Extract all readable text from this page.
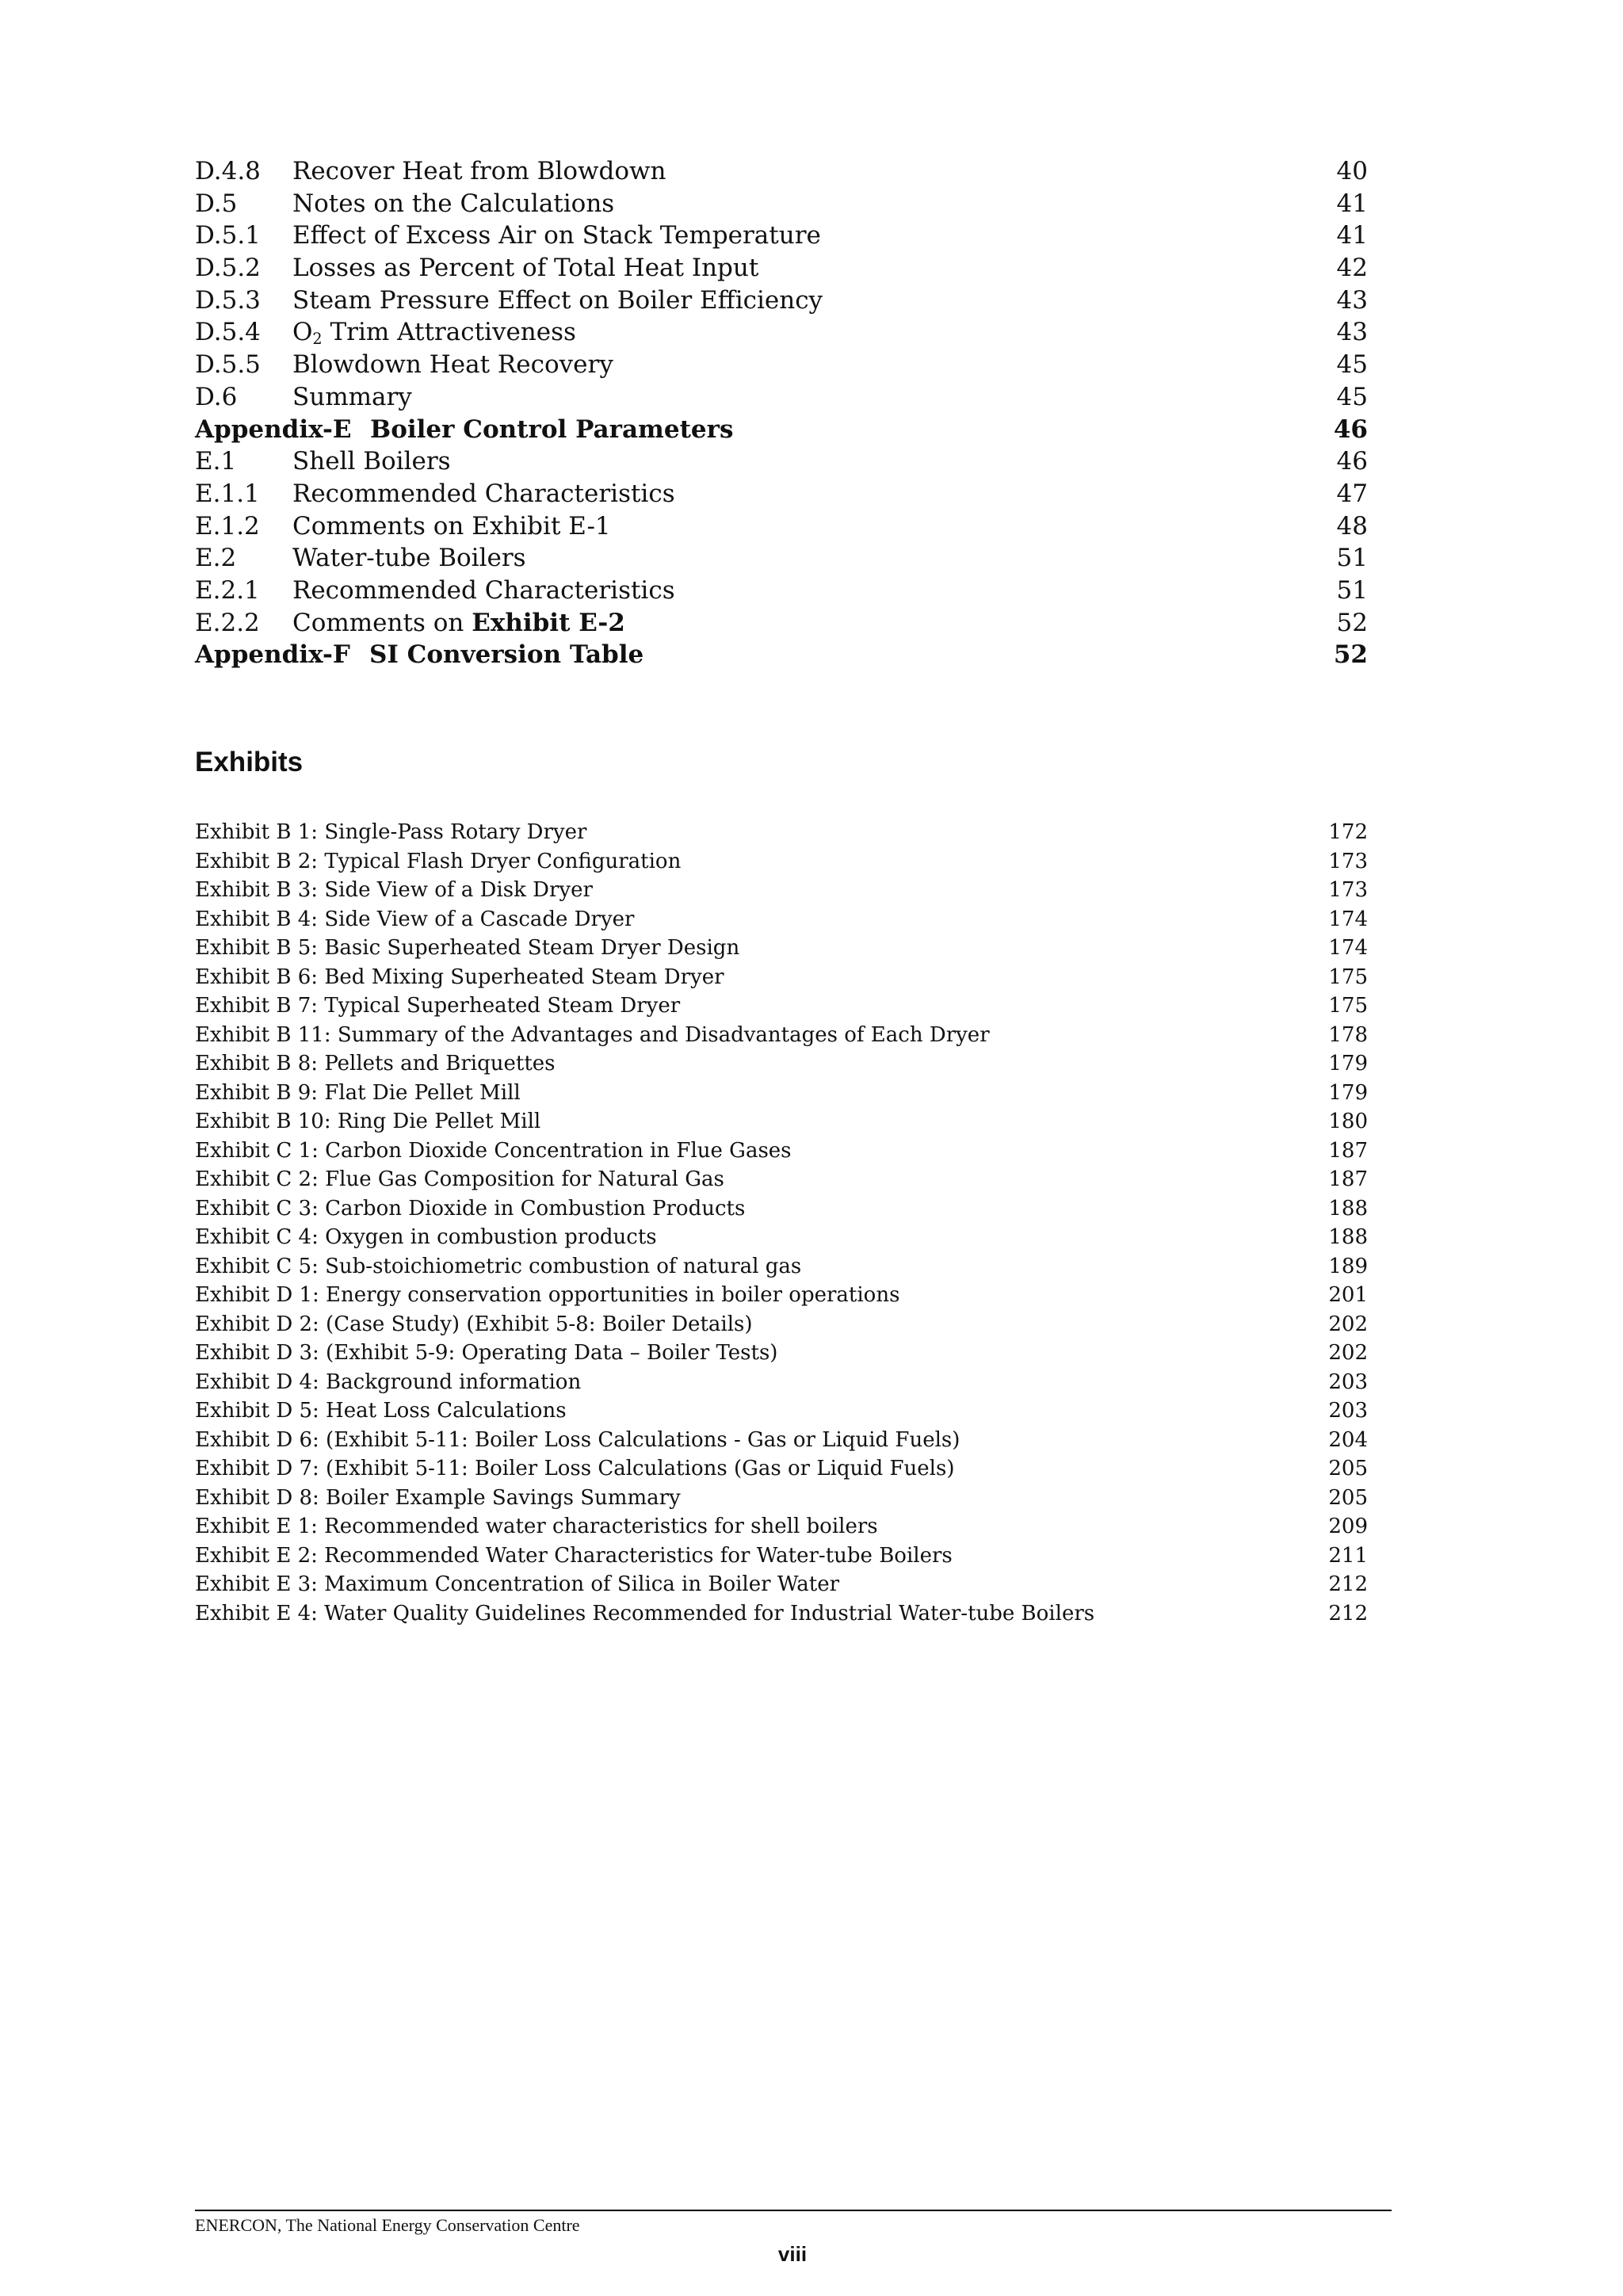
D.4.8 Recover Heat from Blowdown	40
D.5 Notes on the Calculations	41
D.5.1 Effect of Excess Air on Stack Temperature	41
D.5.2 Losses as Percent of Total Heat Input	42
D.5.3 Steam Pressure Effect on Boiler Efficiency	43
D.5.4 $O_2$ Trim Attractiveness	43
D.5.5 Blowdown Heat Recovery	45
D.6 Summary	45
Appendix-E Boiler Control Parameters	46
E.1 Shell Boilers	46
E.1.1 Recommended Characteristics	47
E.1.2 Comments on Exhibit E-1	48
E.2 Water-tube Boilers	51
E.2.1 Recommended Characteristics	51
E.2.2 Comments on Exhibit E-2	52
Appendix-F SI Conversion Table	52
Exhibits
Exhibit B 1: Single-Pass Rotary Dryer	172
Exhibit B 2: Typical Flash Dryer Configuration	173
Exhibit B 3: Side View of a Disk Dryer	173
Exhibit B 4: Side View of a Cascade Dryer	174
Exhibit B 5: Basic Superheated Steam Dryer Design	174
Exhibit B 6: Bed Mixing Superheated Steam Dryer	175
Exhibit B 7: Typical Superheated Steam Dryer	175
Exhibit B 11: Summary of the Advantages and Disadvantages of Each Dryer	178
Exhibit B 8: Pellets and Briquettes	179
Exhibit B 9: Flat Die Pellet Mill	179
Exhibit B 10: Ring Die Pellet Mill	180
Exhibit C 1: Carbon Dioxide Concentration in Flue Gases	187
Exhibit C 2: Flue Gas Composition for Natural Gas	187
Exhibit C 3: Carbon Dioxide in Combustion Products	188
Exhibit C 4: Oxygen in combustion products	188
Exhibit C 5: Sub-stoichiometric combustion of natural gas	189
Exhibit D 1: Energy conservation opportunities in boiler operations	201
Exhibit D 2: (Case Study) (Exhibit 5-8: Boiler Details)	202
Exhibit D 3: (Exhibit 5-9: Operating Data – Boiler Tests)	202
Exhibit D 4: Background information	203
Exhibit D 5: Heat Loss Calculations	203
Exhibit D 6: (Exhibit 5-11: Boiler Loss Calculations - Gas or Liquid Fuels)	204
Exhibit D 7: (Exhibit 5-11: Boiler Loss Calculations (Gas or Liquid Fuels)	205
Exhibit D 8: Boiler Example Savings Summary	205
Exhibit E 1: Recommended water characteristics for shell boilers	209
Exhibit E 2: Recommended Water Characteristics for Water-tube Boilers	211
Exhibit E 3: Maximum Concentration of Silica in Boiler Water	212
Exhibit E 4: Water Quality Guidelines Recommended for Industrial Water-tube Boilers	212
ENERCON, The National Energy Conservation Centre
viii
